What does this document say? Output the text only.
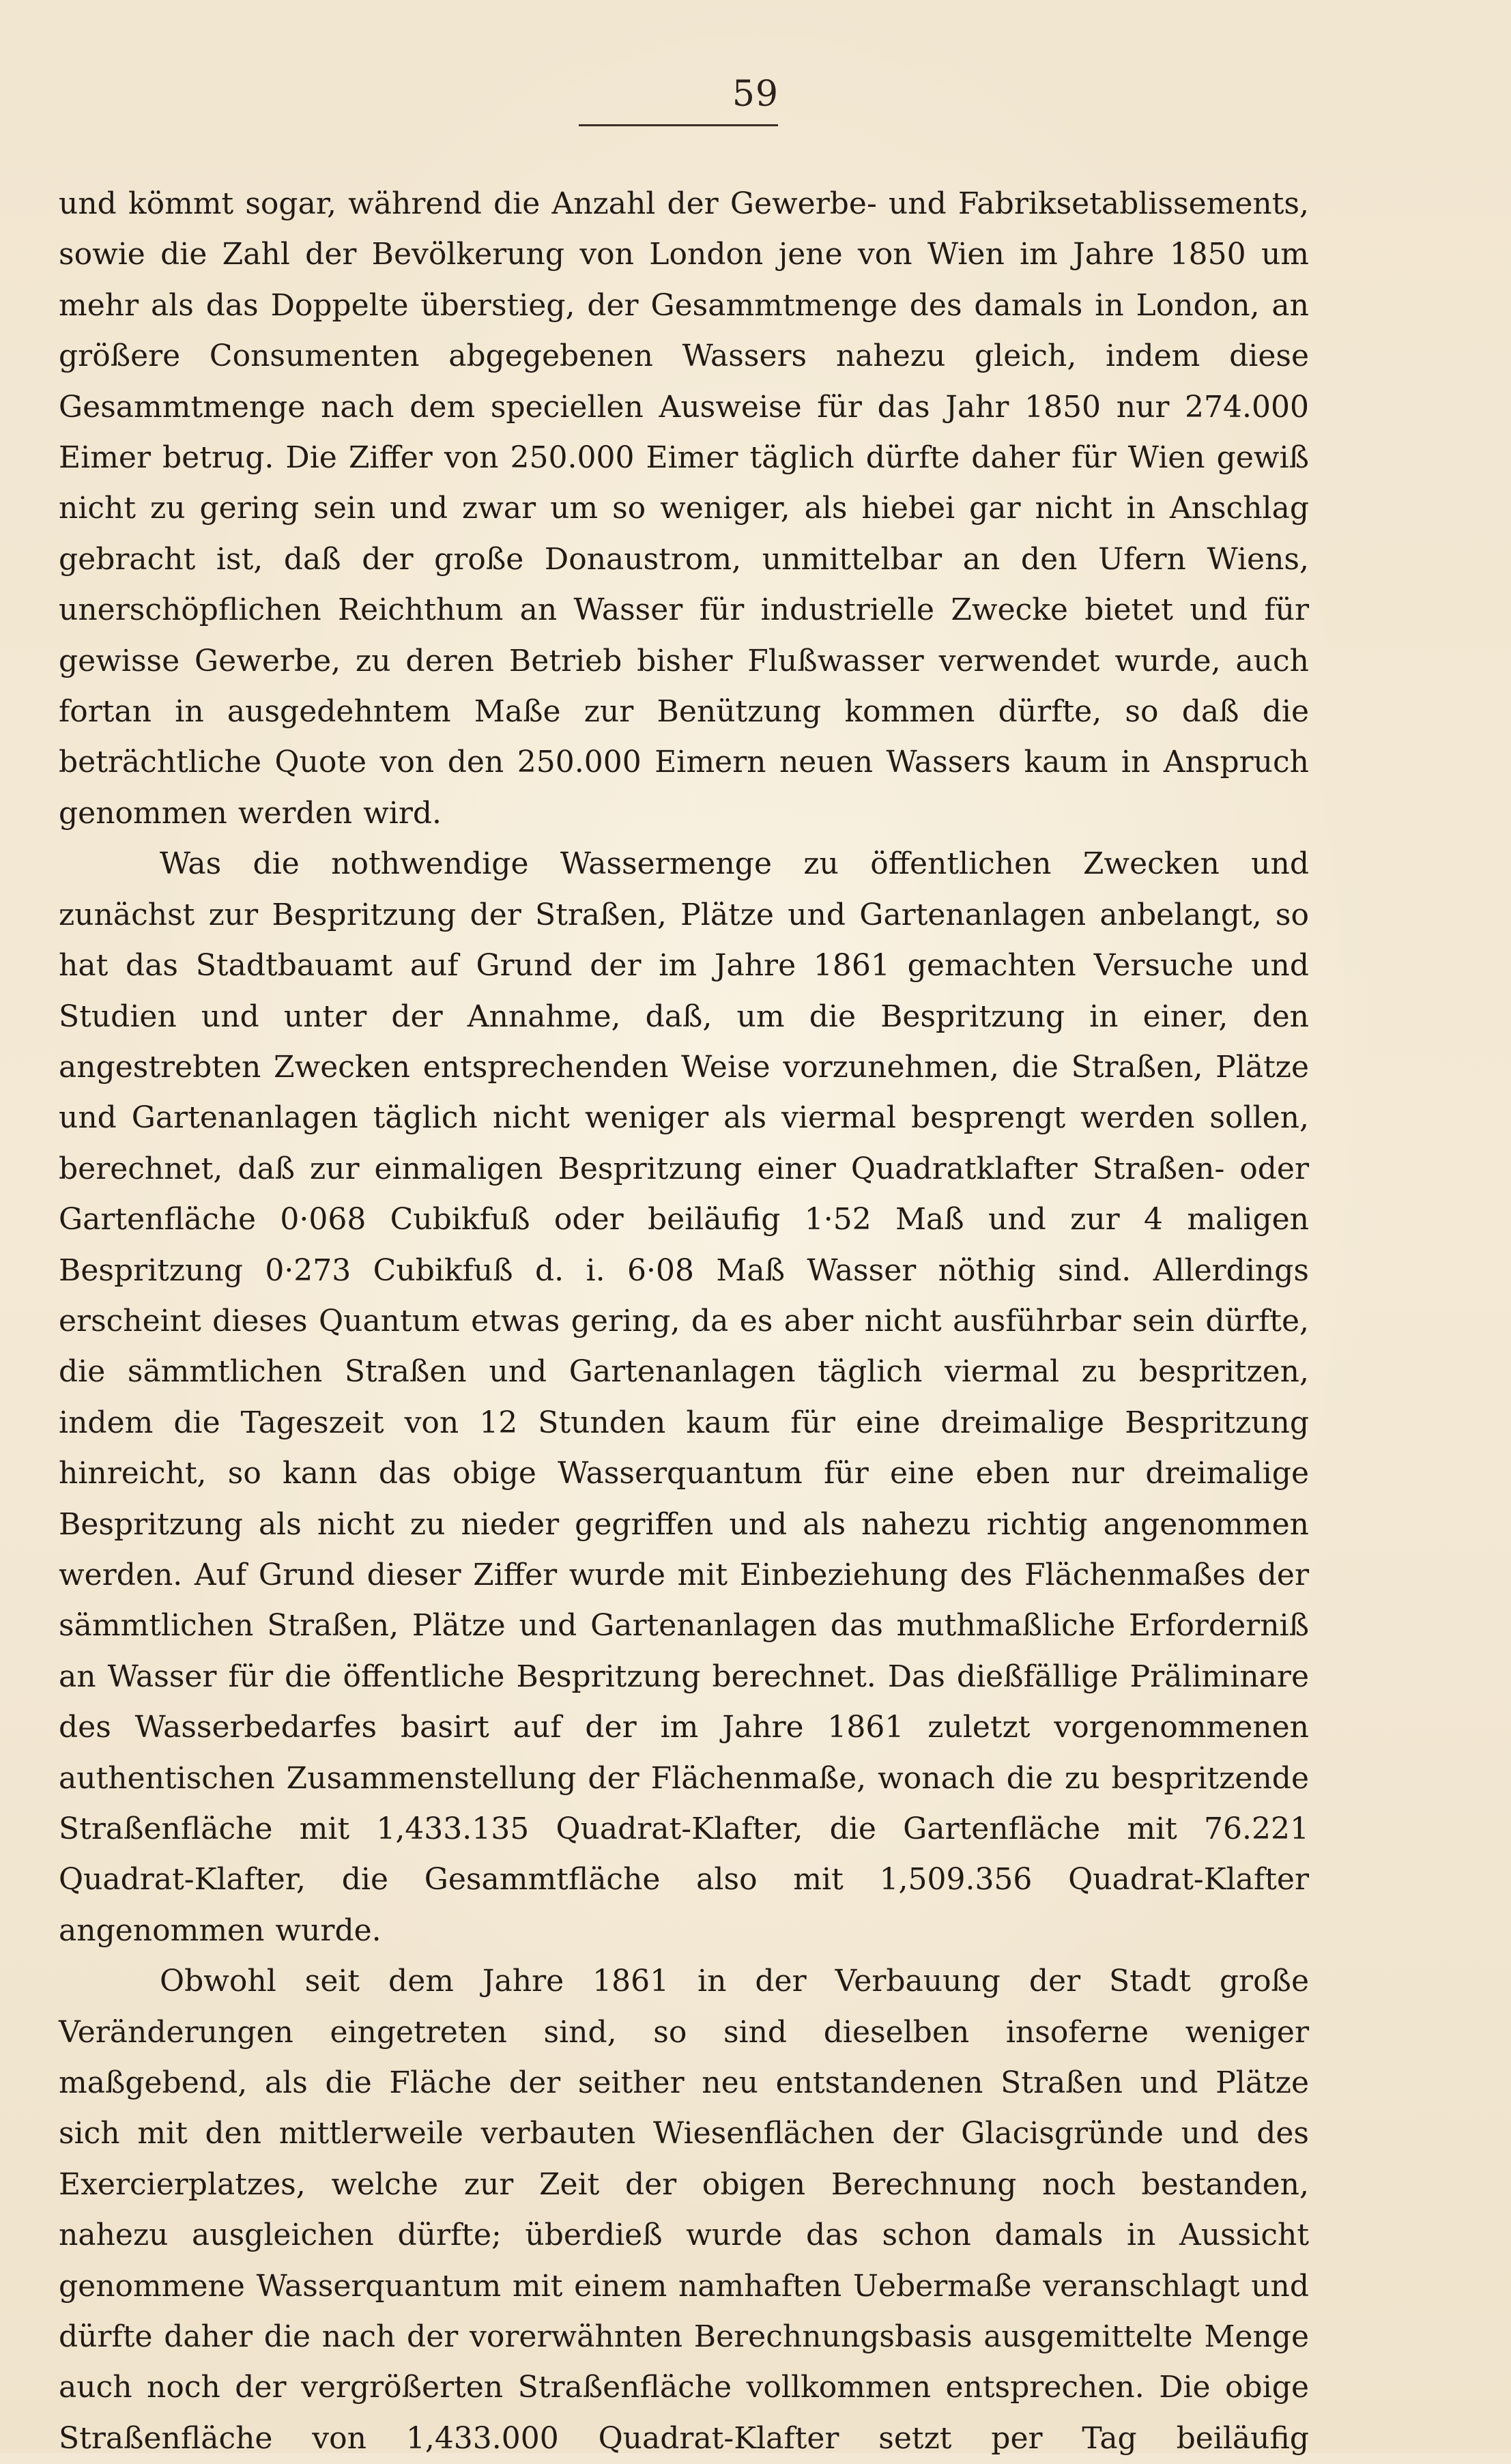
59

und kömmt sogar, während die Anzahl der Gewerbe- und Fabriksetablissements, sowie die Zahl der Bevölkerung von London jene von Wien im Jahre 1850 um mehr als das Doppelte überstieg, der Gesammtmenge des damals in London, an größere Consumenten abgegebenen Wassers nahezu gleich, indem diese Gesammtmenge nach dem speciellen Ausweise für das Jahr 1850 nur 274.000 Eimer betrug. Die Ziffer von 250.000 Eimer täglich dürfte daher für Wien gewiß nicht zu gering sein und zwar um so weniger, als hiebei gar nicht in Anschlag gebracht ist, daß der große Donaustrom, unmittelbar an den Ufern Wiens, unerschöpflichen Reichthum an Wasser für industrielle Zwecke bietet und für gewisse Gewerbe, zu deren Betrieb bisher Flußwasser verwendet wurde, auch fortan in ausgedehntem Maße zur Benützung kommen dürfte, so daß die beträchtliche Quote von den 250.000 Eimern neuen Wassers kaum in Anspruch genommen werden wird.

Was die nothwendige Wassermenge zu öffentlichen Zwecken und zunächst zur Bespritzung der Straßen, Plätze und Gartenanlagen anbelangt, so hat das Stadtbauamt auf Grund der im Jahre 1861 gemachten Versuche und Studien und unter der Annahme, daß, um die Bespritzung in einer, den angestrebten Zwecken entsprechenden Weise vorzunehmen, die Straßen, Plätze und Gartenanlagen täglich nicht weniger als viermal besprengt werden sollen, berechnet, daß zur einmaligen Bespritzung einer Quadratklafter Straßen- oder Gartenfläche 0·068 Cubikfuß oder beiläufig 1·52 Maß und zur 4 maligen Bespritzung 0·273 Cubikfuß d. i. 6·08 Maß Wasser nöthig sind. Allerdings erscheint dieses Quantum etwas gering, da es aber nicht ausführbar sein dürfte, die sämmtlichen Straßen und Gartenanlagen täglich viermal zu bespritzen, indem die Tageszeit von 12 Stunden kaum für eine dreimalige Bespritzung hinreicht, so kann das obige Wasserquantum für eine eben nur dreimalige Bespritzung als nicht zu nieder gegriffen und als nahezu richtig angenommen werden. Auf Grund dieser Ziffer wurde mit Einbeziehung des Flächenmaßes der sämmtlichen Straßen, Plätze und Gartenanlagen das muthmaßliche Erforderniß an Wasser für die öffentliche Bespritzung berechnet. Das dießfällige Präliminare des Wasserbedarfes basirt auf der im Jahre 1861 zuletzt vorgenommenen authentischen Zusammenstellung der Flächenmaße, wonach die zu bespritzende Straßenfläche mit 1,433.135 Quadrat-Klafter, die Gartenfläche mit 76.221 Quadrat-Klafter, die Gesammtfläche also mit 1,509.356 Quadrat-Klafter angenommen wurde.

Obwohl seit dem Jahre 1861 in der Verbauung der Stadt große Veränderungen eingetreten sind, so sind dieselben insoferne weniger maßgebend, als die Fläche der seither neu entstandenen Straßen und Plätze sich mit den mittlerweile verbauten Wiesenflächen der Glacisgründe und des Exercierplatzes, welche zur Zeit der obigen Berechnung noch bestanden, nahezu ausgleichen dürfte; überdieß wurde das schon damals in Aussicht genommene Wasserquantum mit einem namhaften Uebermaße veranschlagt und dürfte daher die nach der vorerwähnten Berechnungsbasis ausgemittelte Menge auch noch der vergrößerten Straßenfläche vollkommen entsprechen. Die obige Straßenfläche von 1,433.000 Quadrat-Klafter setzt per Tag beiläufig
